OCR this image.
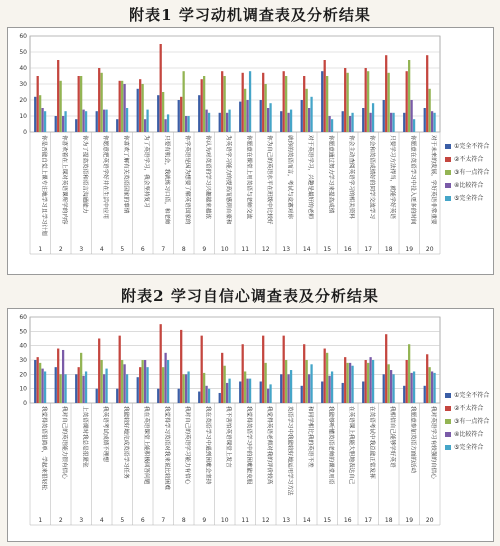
附表1 学习动机调查表及分析结果
0
10
20
30
40
50
60
你是否能自觉上课专注地学习且学习计划
1
你喜欢着在上课对英语课所学的内容
2
你为了提高英语和语言沟通能力
3
你愿意把英语学好并在生活中应用
4
你喜欢了解有关英语国家的事情
5
为了英语学习，我会坚持复习
6
只要有机会，我就练习口语，和老师
7
你学英语是因为想要了解英语国家的
8
你认为对英语的学习兴趣越来越浓
9
为英语学习能力的提高而感到自豪和
10
你愿意在课堂上用英语与老师交流
11
你为自己的英语水平在班级中比较好
12
就你的英语而言，考试与竞赛对你
13
对于英语学习，兴趣是最好的老师
14
你愿意通过努力学习来提高成绩
15
你会主动查阅英语学习的相关资料
16
你会和英语成绩好的同学交流学习
17
只要学习方法得当，就能学好英语
18
你愿意在英语学习中投入更多的时间
19
对于未来的发展，学好英语非常重要
20
①完全不符合
②不太符合
③有一点符合
④比较符合
⑤完全符合
附表2 学习自信心调查表及分析结果
0
10
20
30
40
50
60
我觉得英语很简单，学起来很轻松
1
我对自己的英语能力很有信心
2
上英语课时我总是很紧张
3
我英语考试成绩不理想
4
我能较好地完成英语学习任务
5
我在英语课堂上能积极回答问题
6
我觉得学习英语对我来说比较困难
7
我对自己的英语学习能力有信心
8
我在英语学习中遇到困难会坚持
9
我不害怕英语课堂上发言
10
我觉得英语学习中的困难能克服
11
我觉得英语老师对我的评价较高
12
英语学习中我能较好地运用学习方法
13
和同学相比我的英语不差
14
我能够听懂英语老师的课堂用语
15
在英语课上我能大胆地表达自己
16
在英语考试中我总能正常发挥
17
我相信自己能够学好英语
18
我愿意参加英语方面的活动
19
我对英语学习有较强的自信心
20
①完全不符合
②不太符合
③有一点符合
④比较符合
⑤完全符合
